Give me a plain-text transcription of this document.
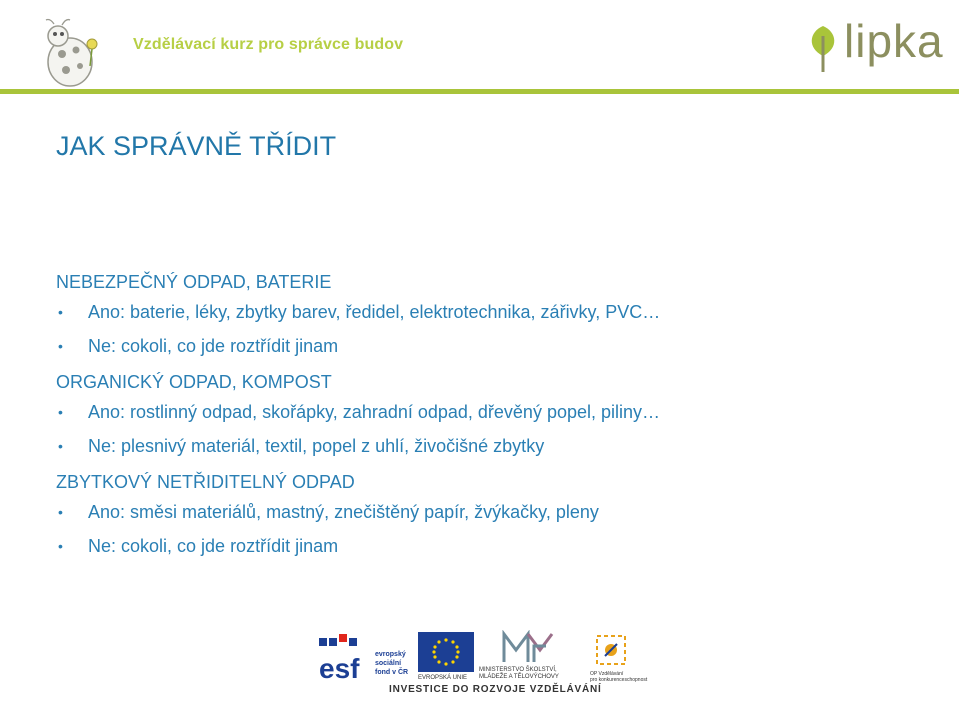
Vzdělávací kurz pro správce budov	lipka
JAK SPRÁVNĚ TŘÍDIT
NEBEZPEČNÝ ODPAD, BATERIE
• Ano: baterie, léky, zbytky barev, ředidel, elektrotechnika, zářivky, PVC…
• Ne: cokoli, co jde roztřídit jinam
ORGANICKÝ ODPAD, KOMPOST
• Ano: rostlinný odpad, skořápky, zahradní odpad, dřevěný popel, piliny…
• Ne: plesnivý materiál, textil, popel z uhlí, živočišné zbytky
ZBYTKOVÝ NETŘIDITELNÝ ODPAD
• Ano: směsi materiálů, mastný, znečištěný papír, žvýkačky, pleny
• Ne: cokoli, co jde roztřídit jinam
esf evropský
sociální
fond v ČR
EVROPSKÁ UNIE
MINISTERSTVO ŠKOLSTVÍ,
MLÁDEŽE A TĚLOVÝCHOVY	OP Vzdělávání
pro konkurenceschopnost
INVESTICE DO ROZVOJE VZDĚLÁVÁNÍ
